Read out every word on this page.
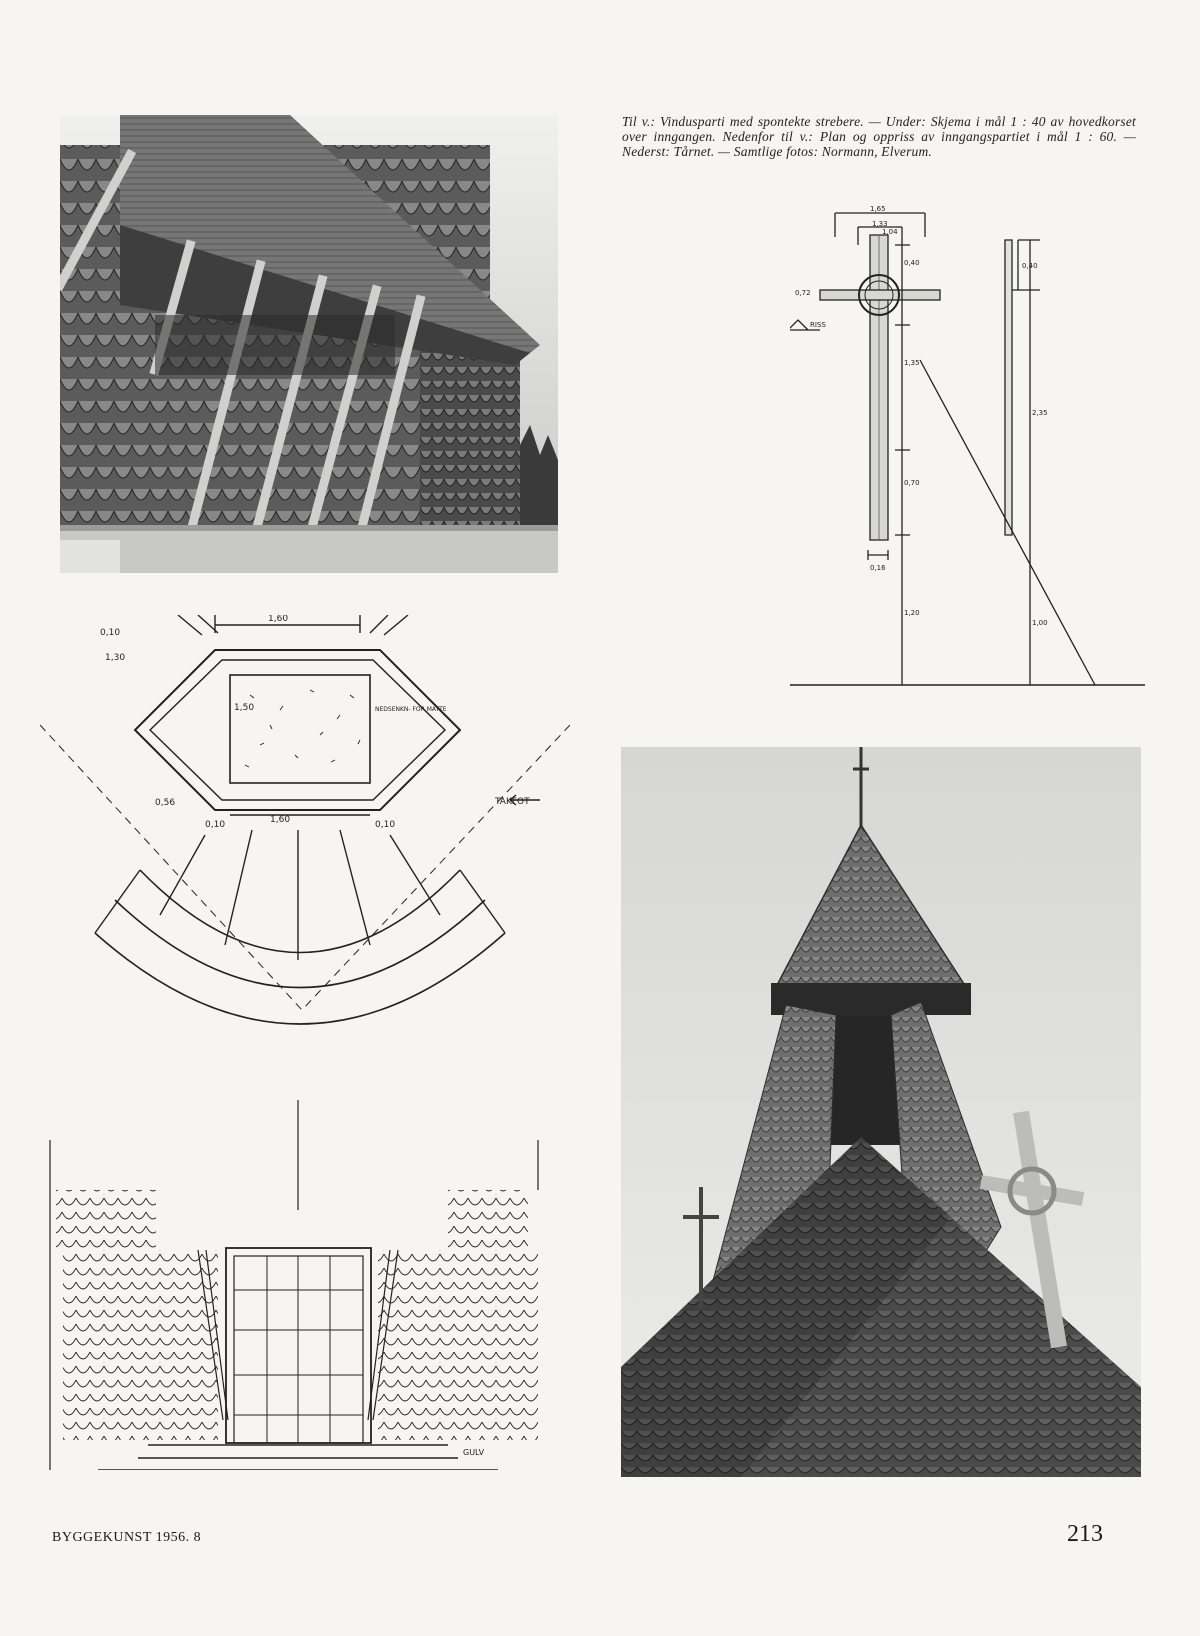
Til v.: Vindusparti med spontekte strebere. — Under: Skjema i mål 1 : 40 av hovedkorset over inngangen. Nedenfor til v.: Plan og oppriss av inngangspartiet i mål 1 : 60. — Nederst: Tårnet. — Samtlige fotos: Normann, Elverum.
1,65
1,33
1,04
0,40
0,72
RISS
1,35
0,70
0,16
1,20
0,40
2,35
1,00
1,60
0,10
1,30
1,50	NEDSENKN- FOR MATTE
0,56
1,60
0,10	0,10
TAKFOT
GULV
BYGGEKUNST 1956. 8	213
